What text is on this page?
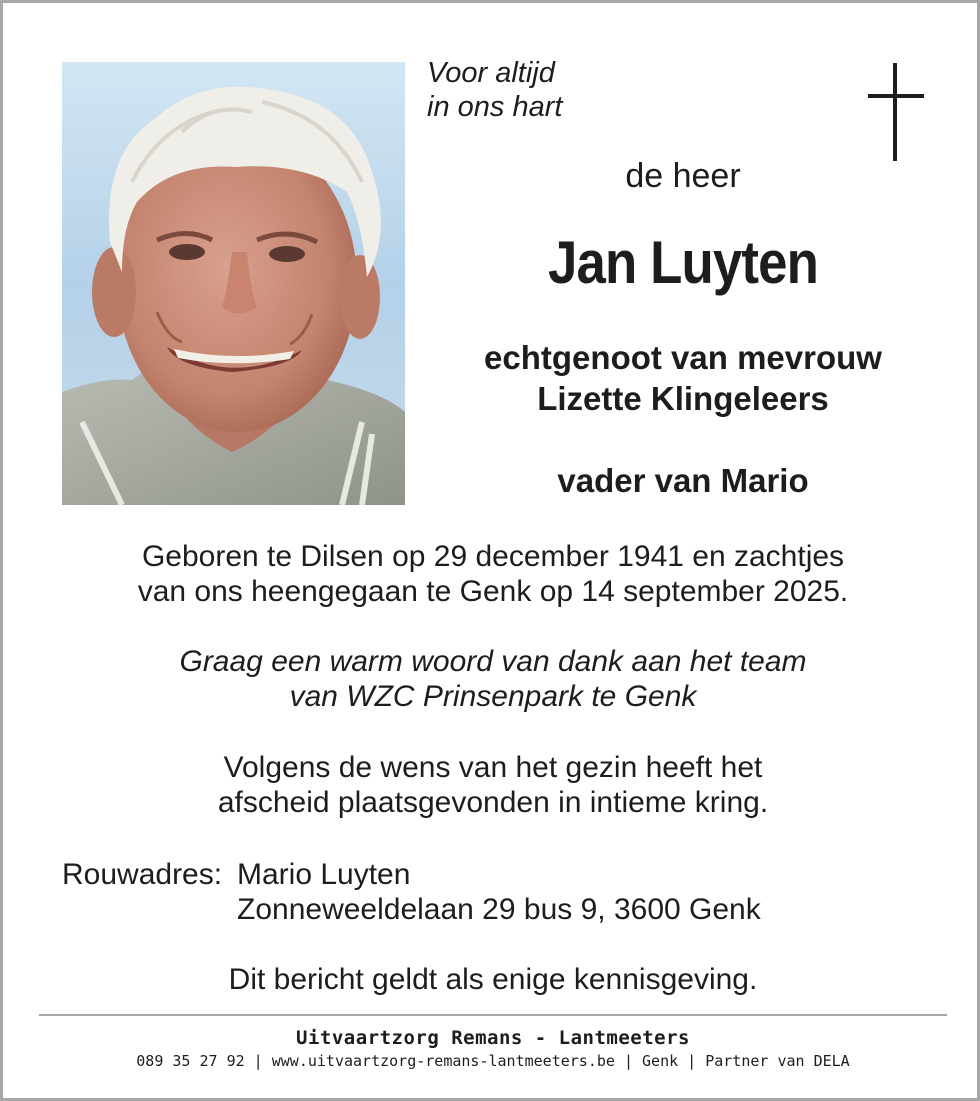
Voor altijd
in ons hart
de heer
Jan Luyten
echtgenoot van mevrouw
Lizette Klingeleers
vader van Mario
Geboren te Dilsen op 29 december 1941 en zachtjes
van ons heengegaan te Genk op 14 september 2025.
Graag een warm woord van dank aan het team
van WZC Prinsenpark te Genk
Volgens de wens van het gezin heeft het
afscheid plaatsgevonden in intieme kring.
Rouwadres: Mario Luyten
Zonneweeldelaan 29 bus 9, 3600 Genk
Dit bericht geldt als enige kennisgeving.
Uitvaartzorg Remans - Lantmeeters
089 35 27 92 | www.uitvaartzorg-remans-lantmeeters.be | Genk | Partner van DELA
